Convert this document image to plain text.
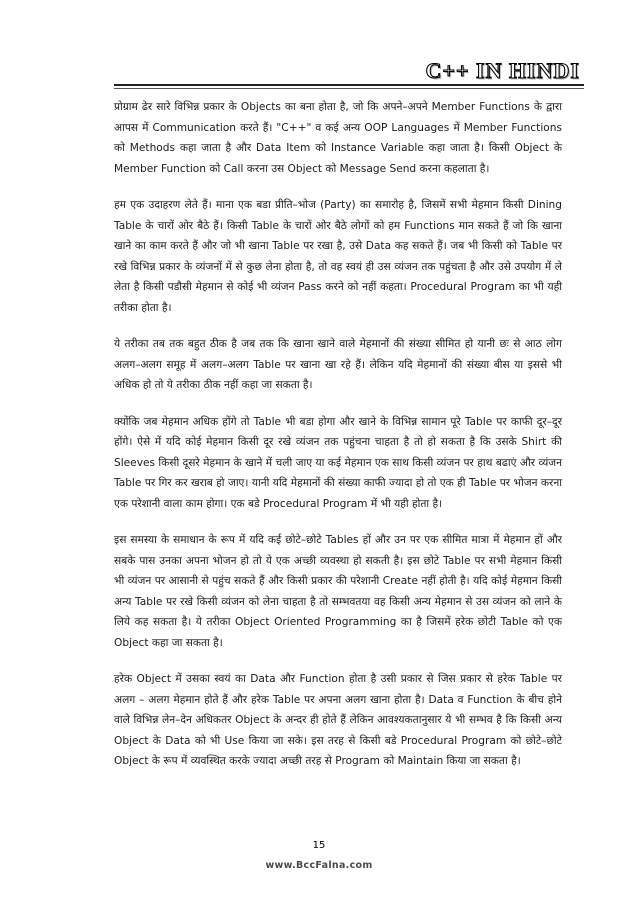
C++ IN HINDI

प्रोग्राम ढेर सारे विभिन्न प्रकार के Objects का बना होता है, जो कि अपने–अपने Member Functions के द्वारा आपस में Communication करते हैं। "C++" व कई अन्य OOP Languages में Member Functions को Methods कहा जाता है और Data Item को Instance Variable कहा जाता है। किसी Object के Member Function को Call करना उस Object को Message Send करना कहलाता है।

हम एक उदाहरण लेते हैं। माना एक बडा प्रीति–भोज (Party) का समारोह है, जिसमें सभी मेहमान किसी Dining Table के चारों ओर बैठे हैं। किसी Table के चारों ओर बैठे लोगों को हम Functions मान सकते हैं जो कि खाना खाने का काम करते हैं और जो भी खाना Table पर रखा है, उसे Data कह सकते हैं। जब भी किसी को Table पर रखे विभिन्न प्रकार के व्यंजनों में से कुछ लेना होता है, तो वह स्वयं ही उस व्यंजन तक पहुंचता है और उसे उपयोग में ले लेता है किसी पडौसी मेहमान से कोई भी व्यंजन Pass करने को नहीं कहता। Procedural Program का भी यही तरीका होता है।

ये तरीका तब तक बहुत ठीक है जब तक कि खाना खाने वाले मेहमानों की संख्या सीमित हो यानी छः से आठ लोग अलग–अलग समूह में अलग–अलग Table पर खाना खा रहे हैं। लेकिन यदि मेहमानों की संख्या बीस या इससे भी अधिक हो तो ये तरीका ठीक नहीं कहा जा सकता है।

क्योंकि जब मेहमान अधिक होंगे तो Table भी बडा होगा और खाने के विभिन्न सामान पूरे Table पर काफी दूर–दूर होंगे। ऐसे में यदि कोई मेहमान किसी दूर रखे व्यंजन तक पहुंचना चाहता है तो हो सकता है कि उसके Shirt की Sleeves किसी दूसरे मेहमान के खाने में चली जाए या कई मेहमान एक साथ किसी व्यंजन पर हाथ बढाएं और व्यंजन Table पर गिर कर खराब हो जाए। यानी यदि मेहमानों की संख्या काफी ज्यादा हो तो एक ही Table पर भोजन करना एक परेशानी वाला काम होगा। एक बडे Procedural Program में भी यही होता है।

इस समस्या के समाधान के रूप में यदि कई छोटे–छोटे Tables हों और उन पर एक सीमित मात्रा में मेहमान हों और सबके पास उनका अपना भोजन हो तो ये एक अच्छी व्यवस्था हो सकती है। इस छोटे Table पर सभी मेहमान किसी भी व्यंजन पर आसानी से पहुंच सकते हैं और किसी प्रकार की परेशानी Create नहीं होती है। यदि कोई मेहमान किसी अन्य Table पर रखे किसी व्यंजन को लेना चाहता है तो सम्भवतया वह किसी अन्य मेहमान से उस व्यंजन को लाने के लिये कह सकता है। ये तरीका Object Oriented Programming का है जिसमें हरेक छोटी Table को एक Object कहा जा सकता है।

हरेक Object में उसका स्वयं का Data और Function होता है उसी प्रकार से जिस प्रकार से हरेक Table पर अलग – अलग मेहमान होते हैं और हरेक Table पर अपना अलग खाना होता है। Data व Function के बीच होने वाले विभिन्न लेन–देन अधिकतर Object के अन्दर ही होते हैं लेकिन आवश्यकतानुसार ये भी सम्भव है कि किसी अन्य Object के Data को भी Use किया जा सके। इस तरह से किसी बडे Procedural Program को छोटे–छोटे Object के रूप में व्यवस्थित करके ज्यादा अच्छी तरह से Program को Maintain किया जा सकता है।

15
www.BccFalna.com
